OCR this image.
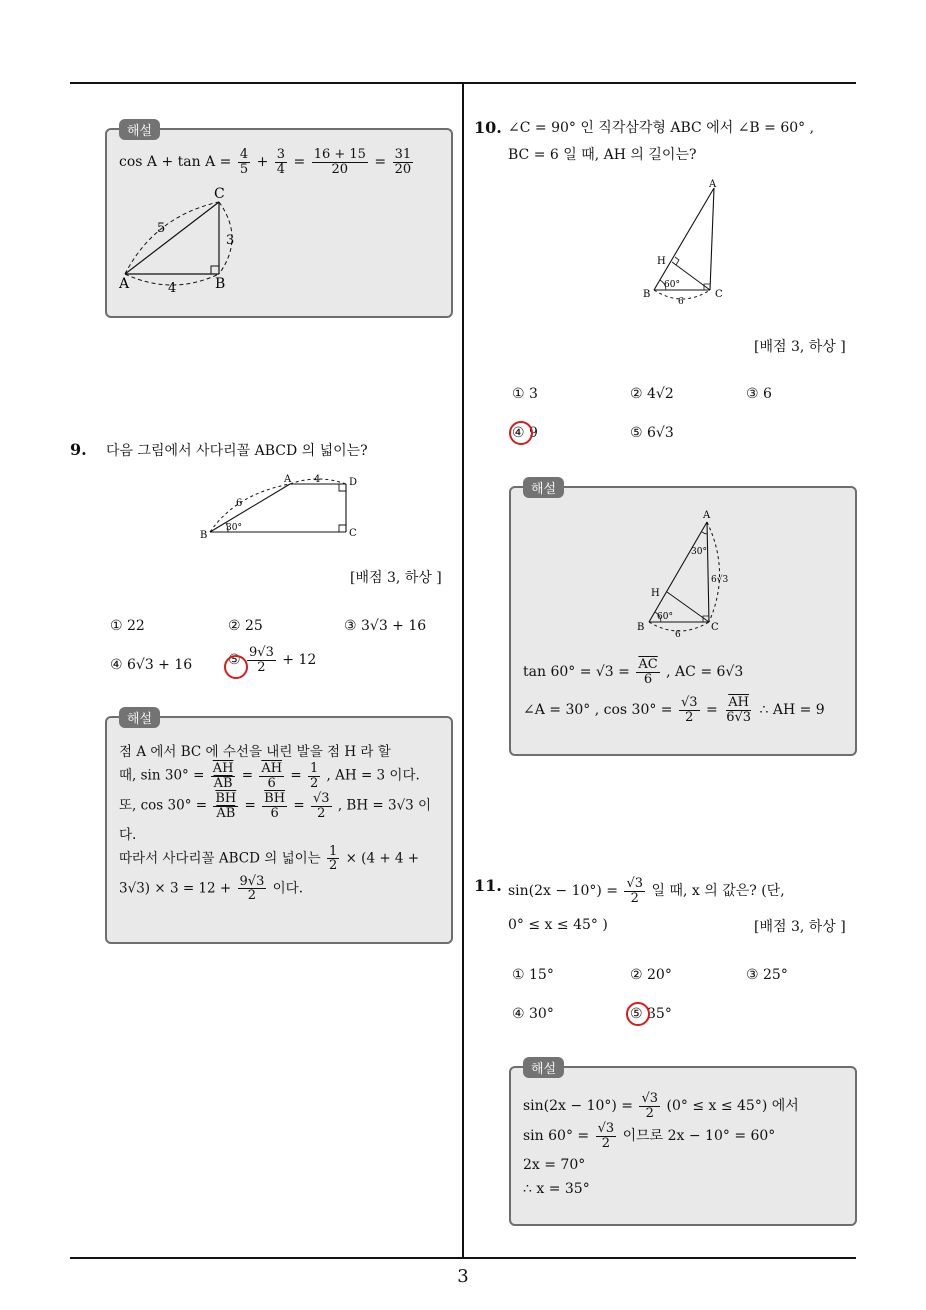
해설
$\cos A + \tan A = \frac{4}{5} + \frac{3}{4} = \frac{16 + 15}{20} = \frac{31}{20}$
A	B
C
5
3
4
9. 다음 그림에서 사다리꼴 ABCD 의 넓이는?
A
B	C
D
6
4
30°
[배점 3, 하상 ]
① 22	② 25	③ 3√3 + 16
④ 6√3 + 16	⑤ $\frac{9√3}{2} + 12$
해설
점 A 에서 BC 에 수선을 내린 발을 점 H 라 할
때, $\sin 30^\circ = \frac{\overline{AH}}{AB} = \frac{\overline{AH}}{6} = \frac{1}{2}$ , AH = 3 이다.
또, $\cos 30^\circ = \frac{\overline{BH}}{AB} = \frac{\overline{BH}}{6} = \frac{√3}{2}$ , BH = 3√3 이
다.
따라서 사다리꼴 ABCD 의 넓이는 $\frac{1}{2} \times (4 + 4$ +
$3√3) \times 3 = 12 + \frac{9√3}{2}$ 이다.
10. ∠C = 90° 인 직각삼각형 ABC 에서 ∠B = 60° ,
BC = 6 일 때, AH 의 길이는?
A
B	C
H
60°
6
[배점 3, 하상 ]
① 3	② 4√2	③ 6
④ 9	⑤ 6√3
해설
A
B	C
H
60°
30°
6√3
6
$\tan 60^\circ = √3 = \frac{\overline{AC}}{6}$ , AC = 6√3
∠A = 30° , $\cos 30^\circ = \frac{√3}{2} = \frac{\overline{AH}}{6√3}$ ∴ AH = 9
11. $\sin(2x - 10^\circ) = \frac{√3}{2}$ 일 때, x 의 값은? (단,
0° ≤ x ≤ 45° )	[배점 3, 하상 ]
① 15°	② 20°	③ 25°
④ 30°	⑤ 35°
해설
$\sin(2x - 10^\circ) = \frac{√3}{2} (0^\circ \le x \le 45^\circ)$ 에서
$\sin 60^\circ = \frac{√3}{2}$ 이므로 2x − 10° = 60°
2x = 70°
∴ x = 35°
3
